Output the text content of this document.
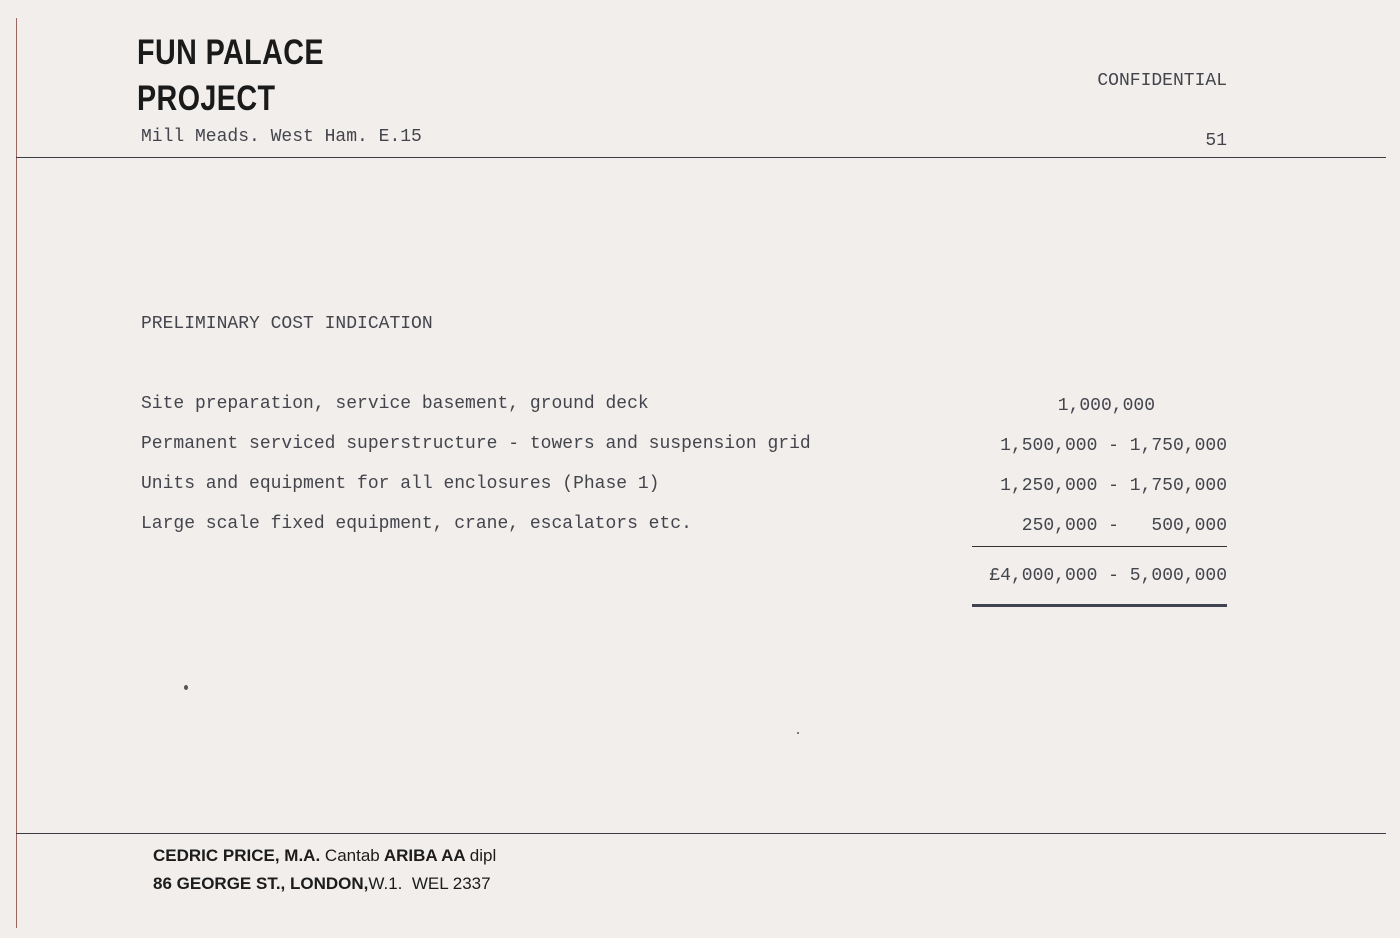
FUN PALACE
PROJECT
Mill Meads. West Ham. E.15
CONFIDENTIAL
51
PRELIMINARY COST INDICATION
Site preparation, service basement, ground deck	1,000,000
Permanent serviced superstructure - towers and suspension grid	1,500,000 - 1,750,000
Units and equipment for all enclosures (Phase 1)	1,250,000 - 1,750,000
Large scale fixed equipment, crane, escalators etc.	250,000 -   500,000
£4,000,000 - 5,000,000
CEDRIC PRICE, M.A. Cantab ARIBA AA dipl
86 GEORGE ST., LONDON,W.1. WEL 2337
